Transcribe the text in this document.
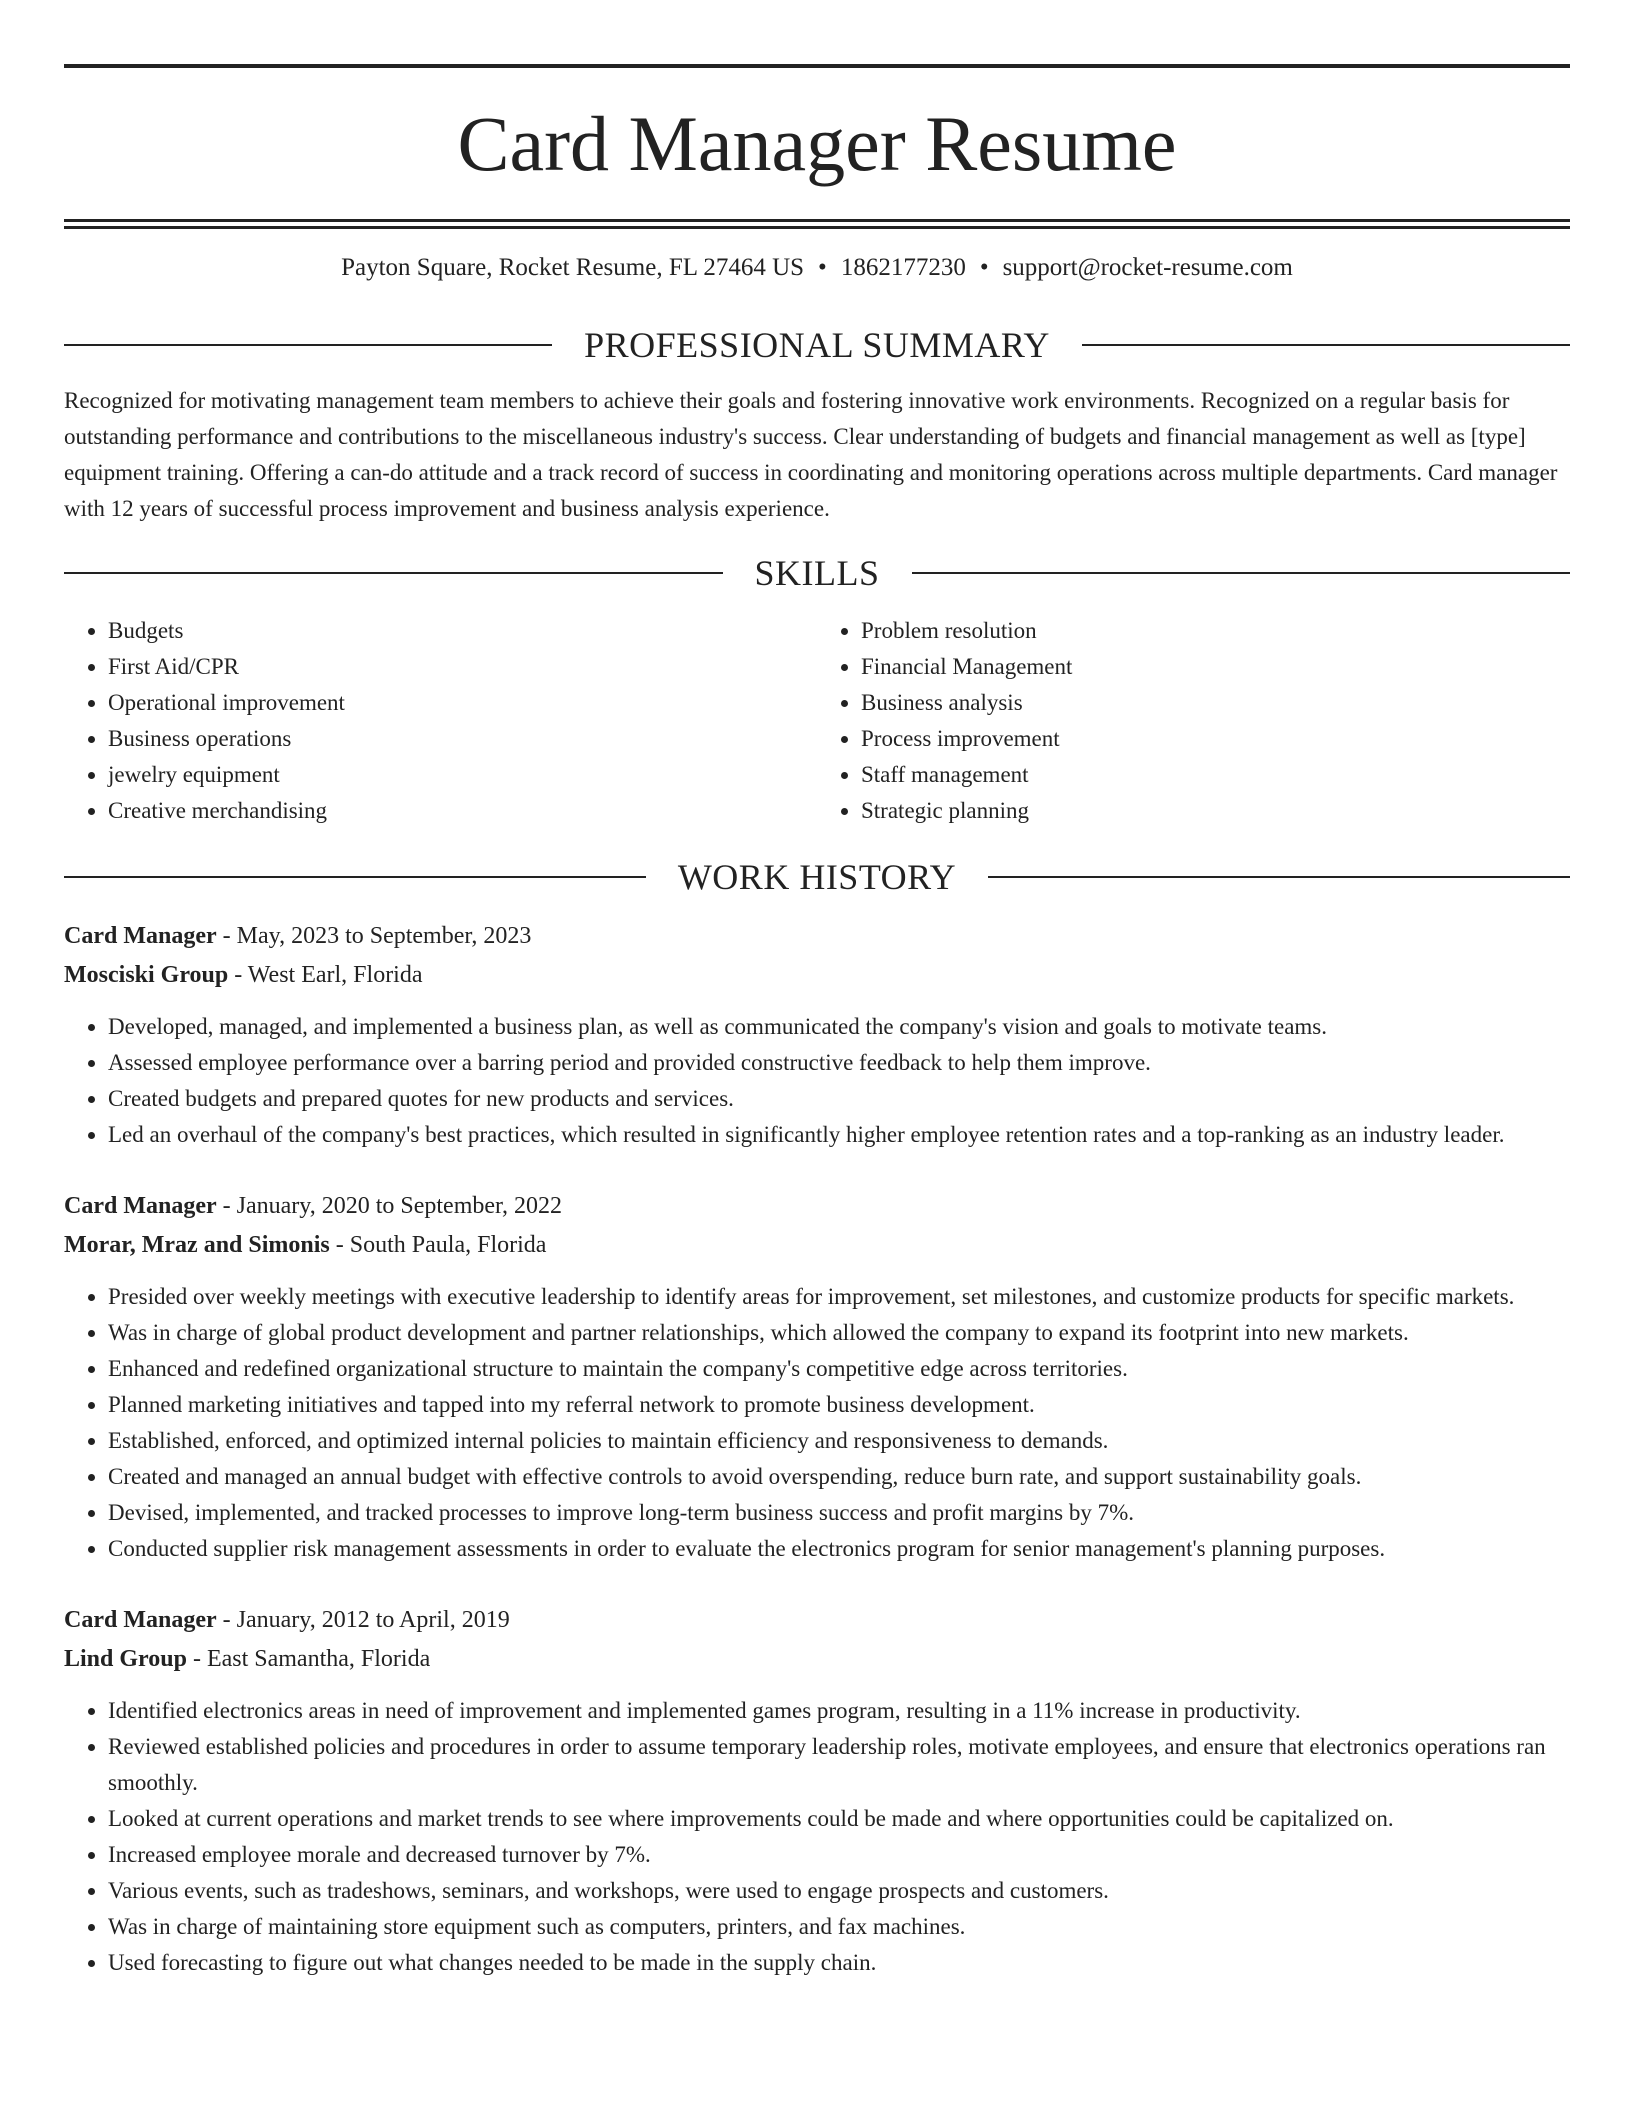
Card Manager Resume
Payton Square, Rocket Resume, FL 27464 US • 1862177230 • support@rocket-resume.com
PROFESSIONAL SUMMARY
Recognized for motivating management team members to achieve their goals and fostering innovative work environments. Recognized on a regular basis for outstanding performance and contributions to the miscellaneous industry's success. Clear understanding of budgets and financial management as well as [type] equipment training. Offering a can-do attitude and a track record of success in coordinating and monitoring operations across multiple departments. Card manager with 12 years of successful process improvement and business analysis experience.
SKILLS
• Budgets
• First Aid/CPR
• Operational improvement
• Business operations
• jewelry equipment
• Creative merchandising
• Problem resolution
• Financial Management
• Business analysis
• Process improvement
• Staff management
• Strategic planning
WORK HISTORY
Card Manager - May, 2023 to September, 2023
Mosciski Group - West Earl, Florida
• Developed, managed, and implemented a business plan, as well as communicated the company's vision and goals to motivate teams.
• Assessed employee performance over a barring period and provided constructive feedback to help them improve.
• Created budgets and prepared quotes for new products and services.
• Led an overhaul of the company's best practices, which resulted in significantly higher employee retention rates and a top-ranking as an industry leader.
Card Manager - January, 2020 to September, 2022
Morar, Mraz and Simonis - South Paula, Florida
• Presided over weekly meetings with executive leadership to identify areas for improvement, set milestones, and customize products for specific markets.
• Was in charge of global product development and partner relationships, which allowed the company to expand its footprint into new markets.
• Enhanced and redefined organizational structure to maintain the company's competitive edge across territories.
• Planned marketing initiatives and tapped into my referral network to promote business development.
• Established, enforced, and optimized internal policies to maintain efficiency and responsiveness to demands.
• Created and managed an annual budget with effective controls to avoid overspending, reduce burn rate, and support sustainability goals.
• Devised, implemented, and tracked processes to improve long-term business success and profit margins by 7%.
• Conducted supplier risk management assessments in order to evaluate the electronics program for senior management's planning purposes.
Card Manager - January, 2012 to April, 2019
Lind Group - East Samantha, Florida
• Identified electronics areas in need of improvement and implemented games program, resulting in a 11% increase in productivity.
• Reviewed established policies and procedures in order to assume temporary leadership roles, motivate employees, and ensure that electronics operations ran smoothly.
• Looked at current operations and market trends to see where improvements could be made and where opportunities could be capitalized on.
• Increased employee morale and decreased turnover by 7%.
• Various events, such as tradeshows, seminars, and workshops, were used to engage prospects and customers.
• Was in charge of maintaining store equipment such as computers, printers, and fax machines.
• Used forecasting to figure out what changes needed to be made in the supply chain.
